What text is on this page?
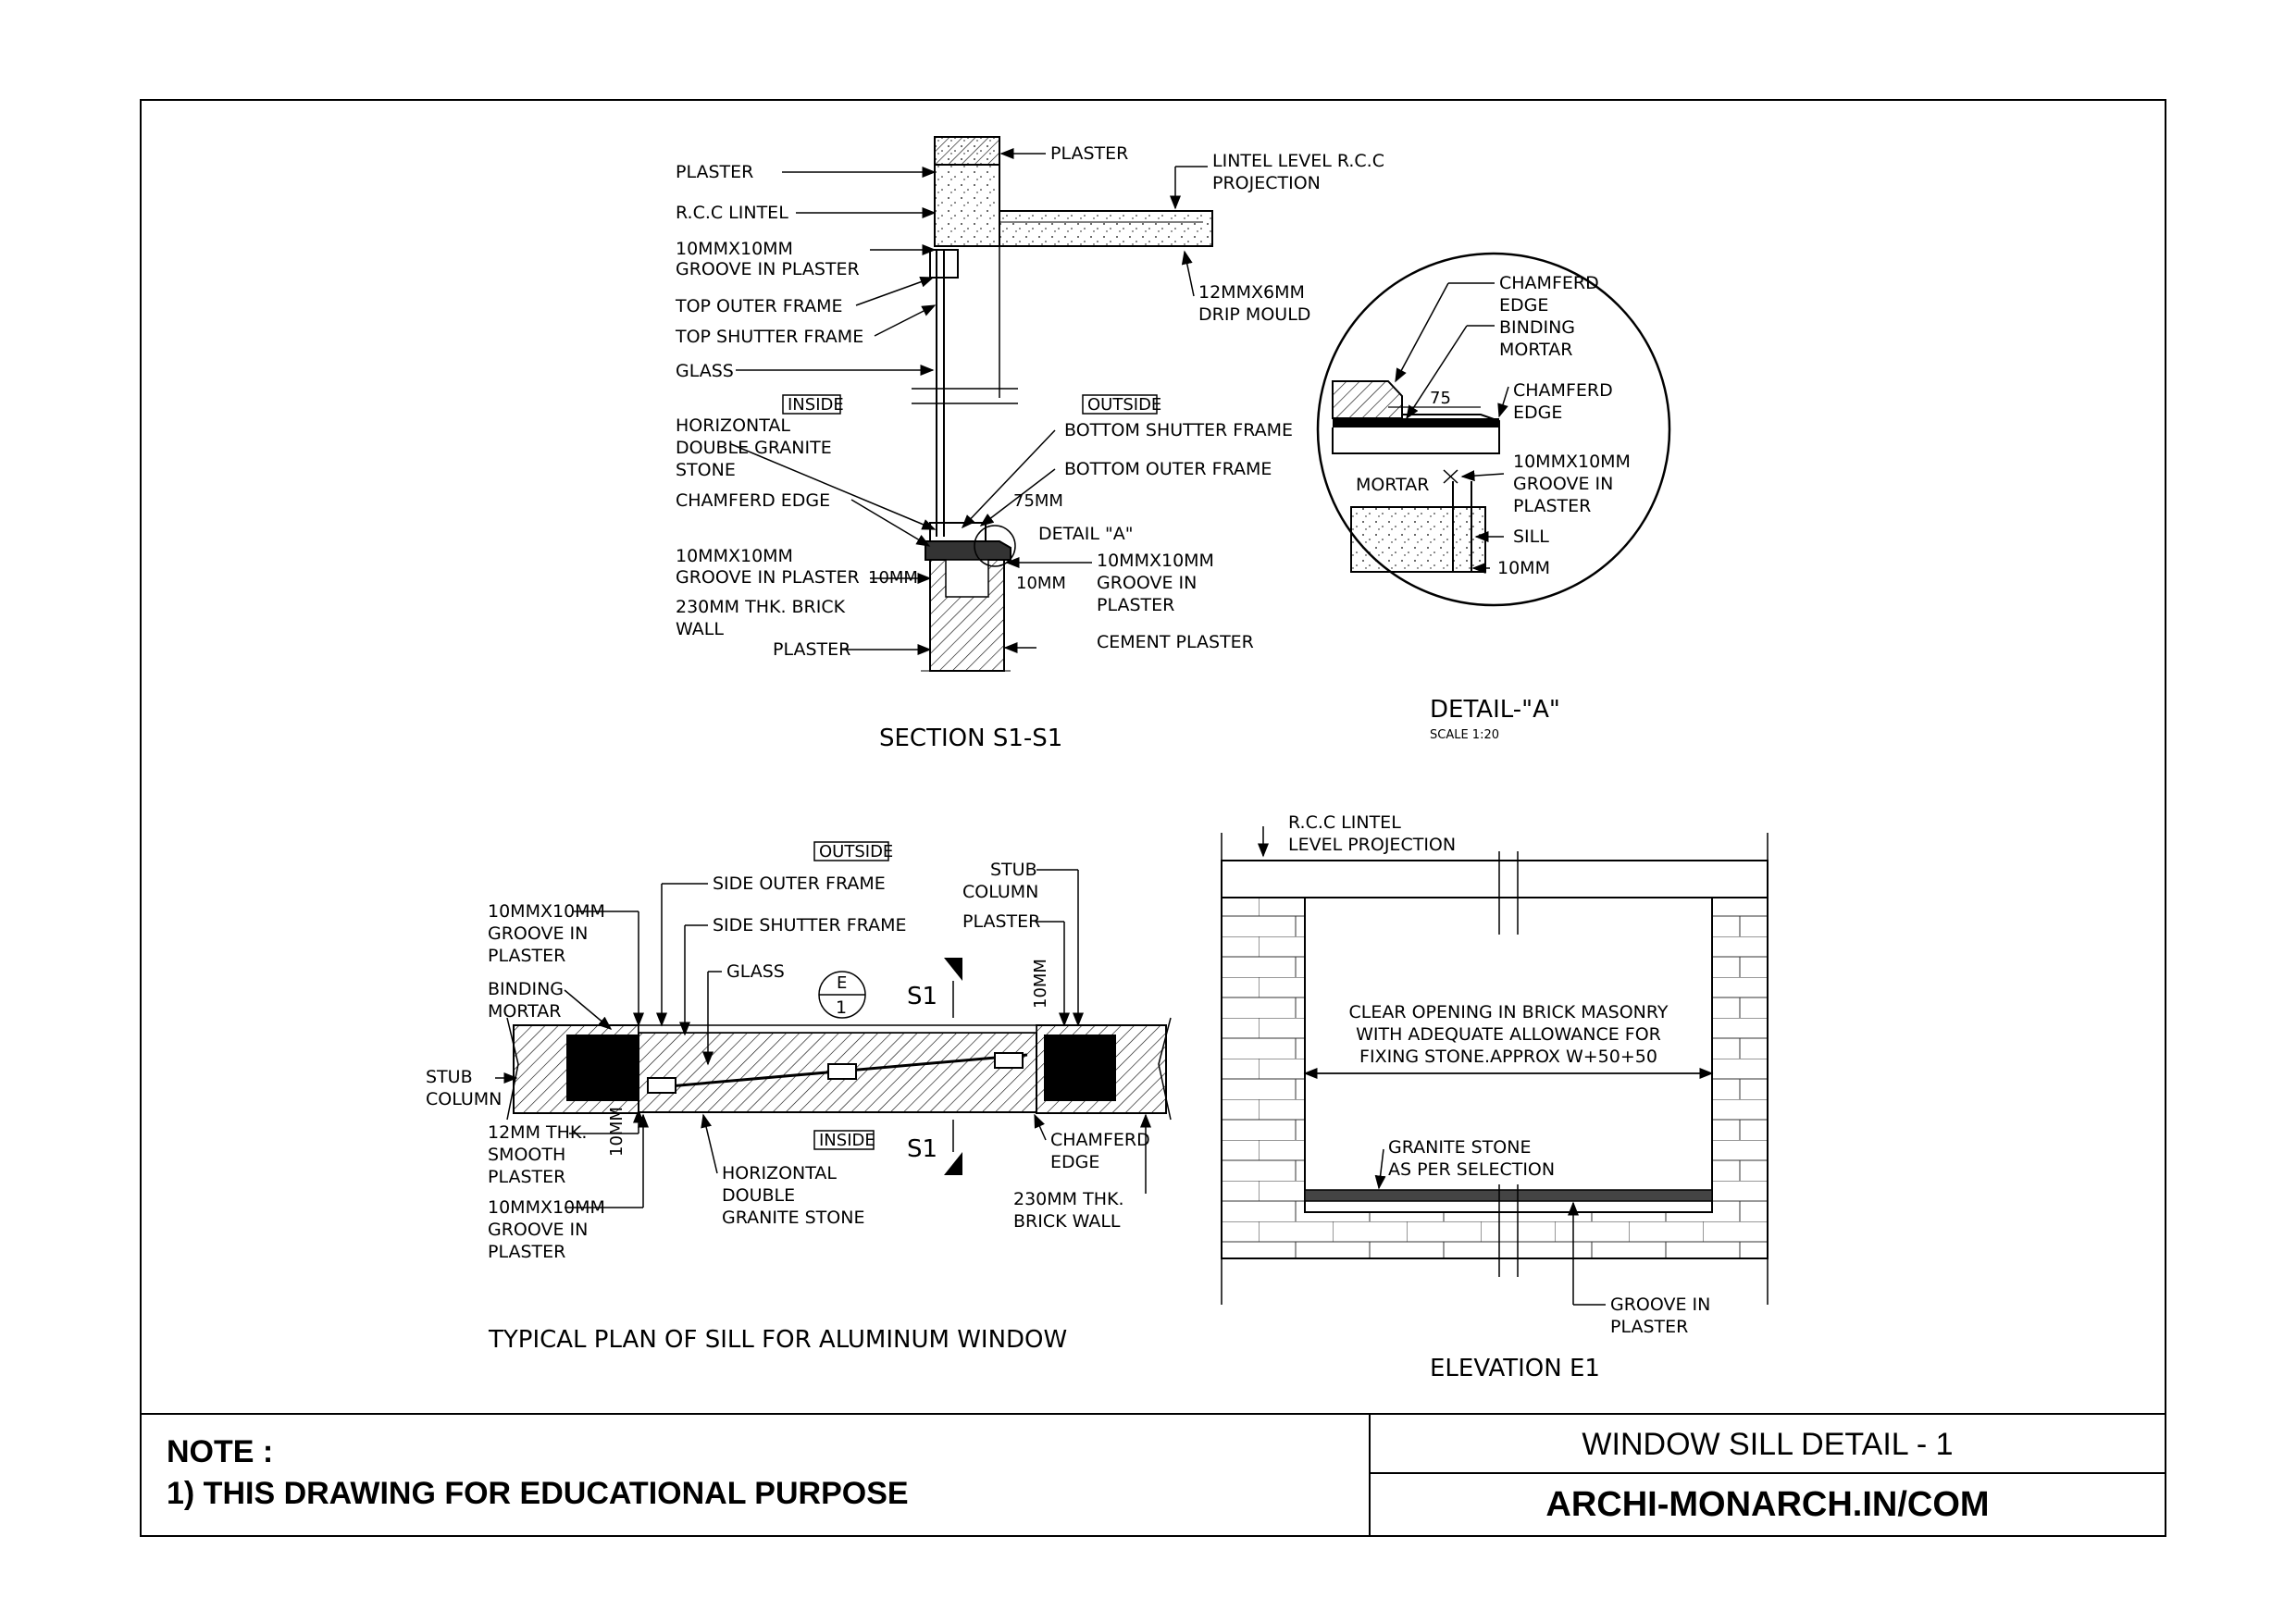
PLASTER
R.C.C LINTEL
10MMX10MM
GROOVE IN PLASTER
TOP OUTER FRAME
TOP SHUTTER FRAME
GLASS
HORIZONTAL
DOUBLE GRANITE
STONE
CHAMFERD EDGE
10MMX10MM
GROOVE IN PLASTER
230MM THK. BRICK
WALL
PLASTER
PLASTER	LINTEL LEVEL R.C.C
PROJECTION
12MMX6MM
DRIP MOULD
BOTTOM SHUTTER FRAME
BOTTOM OUTER FRAME
DETAIL "A"
10MMX10MM
GROOVE IN
PLASTER
CEMENT PLASTER
INSIDE	OUTSIDE
75MM
10MM	10MM
SECTION S1-S1
CHAMFERD
EDGE
BINDING
MORTAR
CHAMFERD
EDGE
10MMX10MM
GROOVE IN
PLASTER
SILL
10MM
MORTAR
75
DETAIL-"A"
SCALE 1:20
10MMX10MM
GROOVE IN
PLASTER
BINDING
MORTAR
STUB
COLUMN
12MM THK.
SMOOTH
PLASTER
10MMX10MM
GROOVE IN
PLASTER
SIDE OUTER FRAME
SIDE SHUTTER FRAME
GLASS
HORIZONTAL
DOUBLE
GRANITE STONE
STUB
COLUMN
PLASTER
CHAMFERD
EDGE
230MM THK.
BRICK WALL
OUTSIDE
INSIDE
10MM
10MM
S1
S1
E
1
TYPICAL PLAN OF SILL FOR ALUMINUM WINDOW
R.C.C LINTEL
LEVEL PROJECTION
GRANITE STONE
AS PER SELECTION
GROOVE IN
PLASTER
CLEAR OPENING IN BRICK MASONRY
WITH ADEQUATE ALLOWANCE FOR
FIXING STONE.APPROX W+50+50
ELEVATION E1
NOTE :
1) THIS DRAWING FOR EDUCATIONAL PURPOSE
WINDOW SILL DETAIL - 1
ARCHI-MONARCH.IN/COM
